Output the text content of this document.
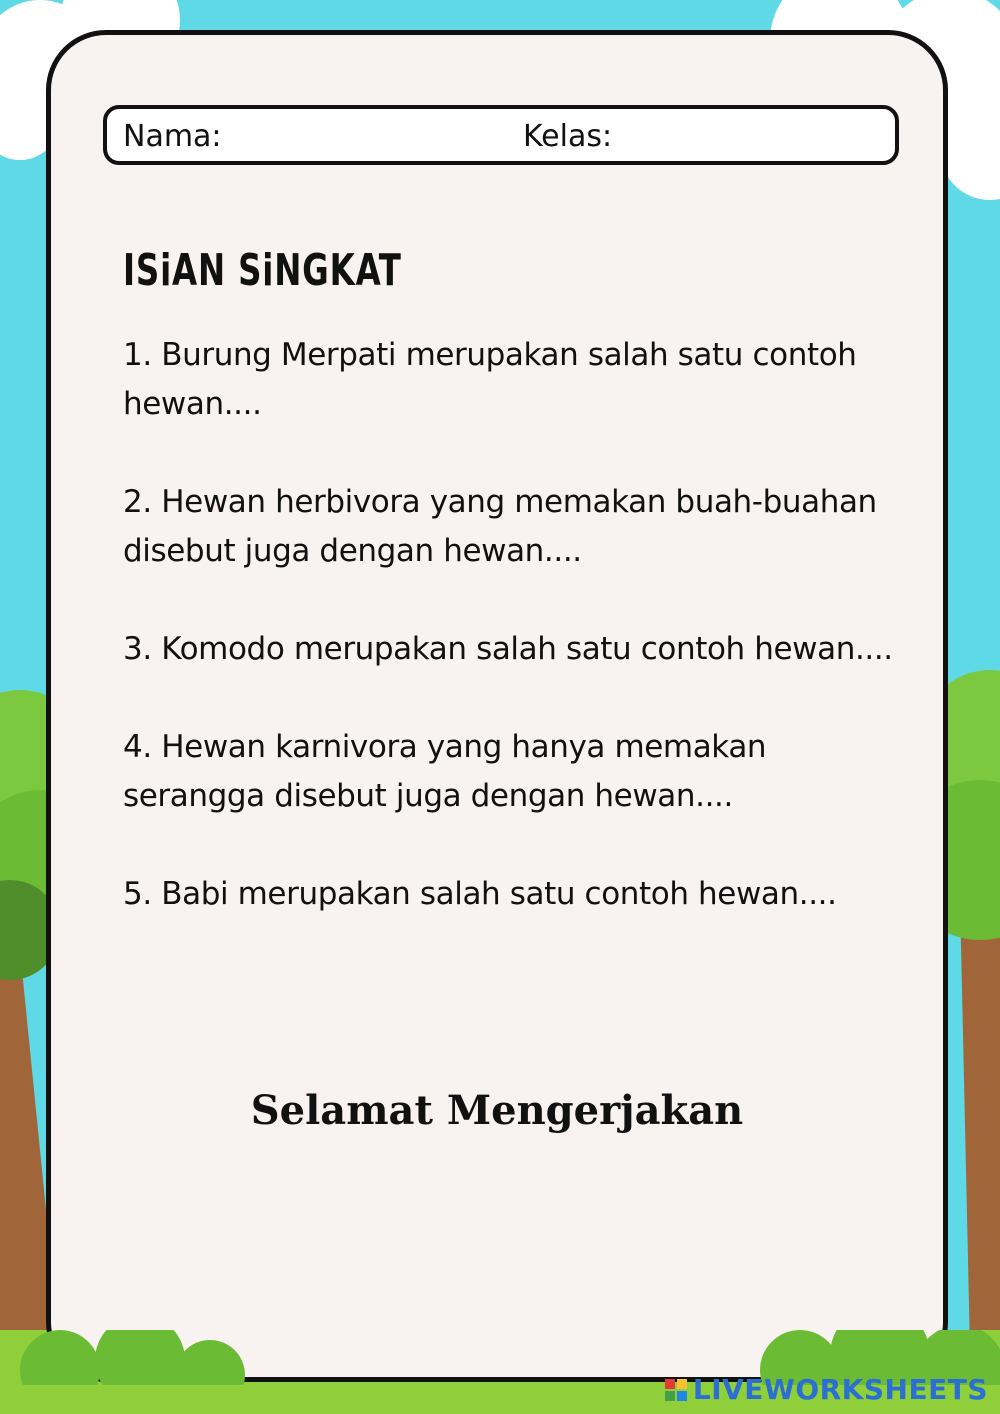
Nama:	Kelas:
ISiAN SiNGKAT

1. Burung Merpati merupakan salah satu contoh hewan....

2. Hewan herbivora yang memakan buah-buahan disebut juga dengan hewan....

3. Komodo merupakan salah satu contoh hewan....

4. Hewan karnivora yang hanya memakan serangga disebut juga dengan hewan....

5. Babi merupakan salah satu contoh hewan....

Selamat Mengerjakan
LIVEWORKSHEETS
